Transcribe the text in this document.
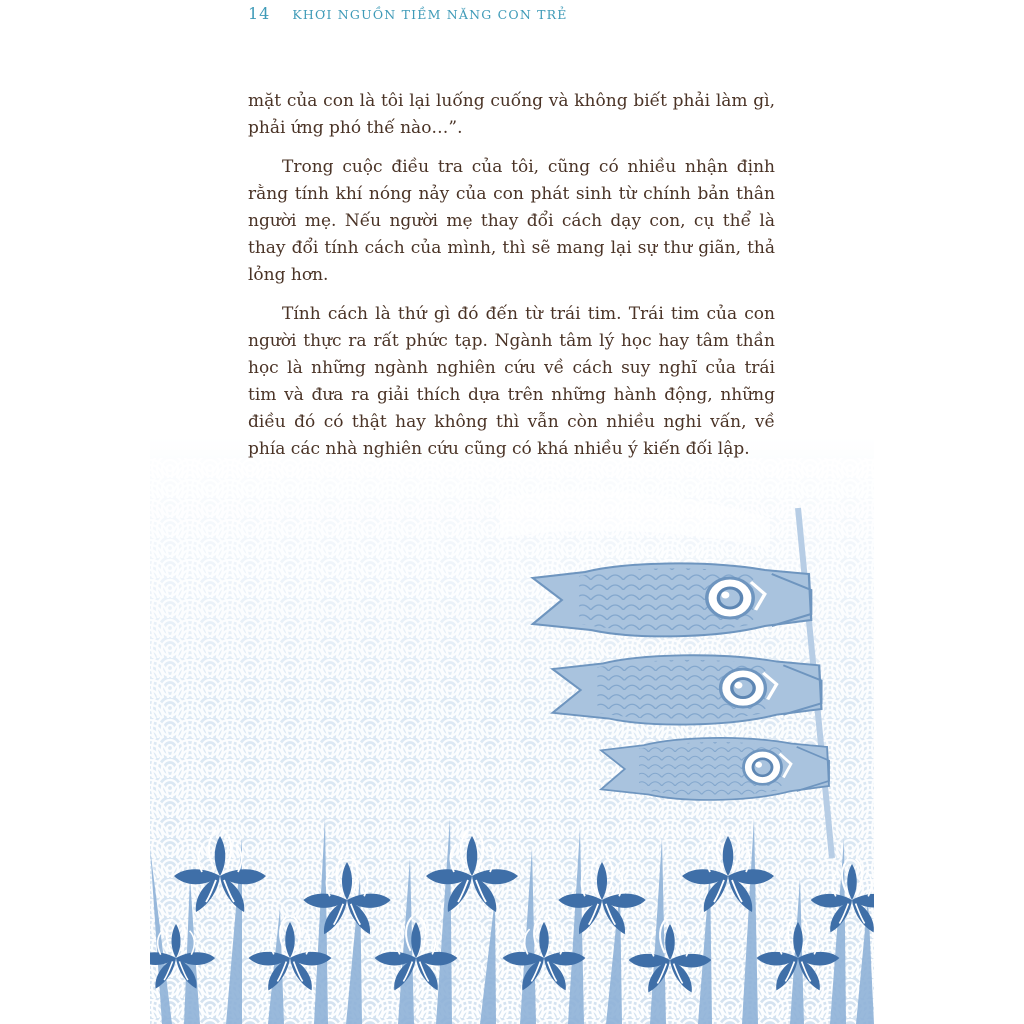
14 KHƠI NGUỒN TIỀM NĂNG CON TRẺ

mặt của con là tôi lại luống cuống và không biết phải làm gì, phải ứng phó thế nào…”.

Trong cuộc điều tra của tôi, cũng có nhiều nhận định rằng tính khí nóng nảy của con phát sinh từ chính bản thân người mẹ. Nếu người mẹ thay đổi cách dạy con, cụ thể là thay đổi tính cách của mình, thì sẽ mang lại sự thư giãn, thả lỏng hơn.

Tính cách là thứ gì đó đến từ trái tim. Trái tim của con người thực ra rất phức tạp. Ngành tâm lý học hay tâm thần học là những ngành nghiên cứu về cách suy nghĩ của trái tim và đưa ra giải thích dựa trên những hành động, những điều đó có thật hay không thì vẫn còn nhiều nghi vấn, về phía các nhà nghiên cứu cũng có khá nhiều ý kiến đối lập.
